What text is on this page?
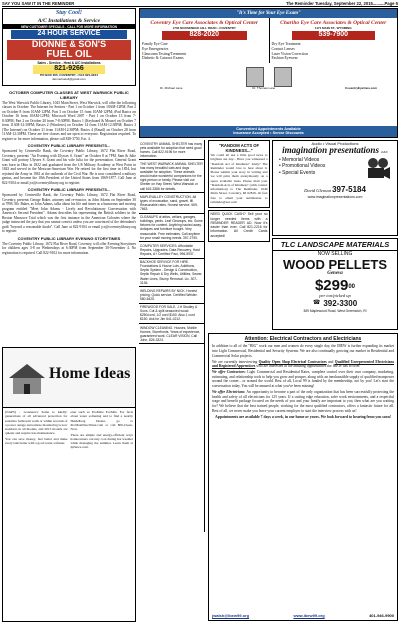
SAY YOU SAW IT IN THE REMINDER	The Reminder Tuesday, September 22, 2015..........Page 5
Stay Cool!
A/C Installations & Service
NEW CUSTOMER SPECIALS - CALL FOR MORE INFORMATION
24 HOUR SERVICE
DIONNE & SON'S
FUEL OIL
Sales - Service - Heat & A/C Installations
821-9266
PO BOX 365, COVENTRY • FAX 821-9164
dionnefueloil@gmail.com
OCTOBER COMPUTER CLASSES AT WEST WARWICK PUBLIC LIBRARY

The West Warwick Public Library, 1043 Main Street, West Warwick, will offer the following classes in October: The Internet for Seniors - Part 1 on October 1 from 10AM-12PM, Part 2 on October 8 from 10AM-12PM, Part 3 on October 15 from 10AM-12PM; iPad Basics on October 16 from 10AM-12PM; Microsoft Word 2007 - Part 1 on October 13 from 7-8:30PM; Part 2 on October 20 from 7-8:30PM; Basics 1 (Keyboard & Mouse) on October 7 from 11AM-12:30PM; Basics 2 (Windows) on October 14 from 11AM-12:30PM; Basics 3 (The Internet) on October 21 from 11AM-12:30PM; Basics 4 (Email) on October 28 from 11AM-12:30PM. These are free classes and are open to everyone. Registration required. To register or for more information, please call 828-3750, Ext. 4.

COVENTRY PUBLIC LIBRARY PRESENTS...

Sponsored by Centreville Bank, the Coventry Public Library, 1672 Flat River Road, Coventry, presents "An Evening with Ulysses S. Grant" on October 8 at 7PM. Sam & Julie Grant will portray Ulysses S. Grant and his wife Julia for the presentation. General Grant was born in Ohio in 1822 and graduated from the US Military Academy at West Point in 1843 and served in the Mexican-American War. He retired for the first time in 1854, but rejoined the Army in 1861 at the outbreak of the Civil War. He is now considered a military genius, and became the 18th President of the United States from 1869-1877. Call Jane at 822-9104 or email jcr@coventrylibrary.org to register.

COVENTRY PUBLIC LIBRARY PRESENTS...

Sponsored by Centreville Bank, the Coventry Public Library, 1672 Flat River Road, Coventry, presents George Baker, attorney and re-enactor, as John Adams on September 30 at 7PM. Mr. Baker, as John Adams, talks about his life and times as a humorous and moving program entitled "Meet John Adams - Lively and Revolutionary Conversation with America's Second President". Adams describes his representing the British soldiers in the Boston Massacre Trial which was the first instance in the American Colonies where the judge instructed the jury that you cannot convict unless you are convinced of the defendant's guilt "beyond a reasonable doubt". Call Jane at 822-9104 or email jcr@coventrylibrary.org to register.

COVENTRY PUBLIC LIBRARY EVENING STORYTIMES

The Coventry Public Library, 1672 Flat River Road, Coventry, will offer Evening Storytimes for children ages 3-8 on Wednesdays at 6:30PM from September 30-November 4. No registration is required. Call 822-9102 for more information.

Home Ideas

(NAPS) - Gonzeres's home is kindly: generations of all advanced protection for sensitive bathroom walls or within seconds of a power outage and remote monitoring is now standard on all models, and 2015 models are quieter and require less maintenance.

You can save money, feel better and make every task better with a good water softener.

ener such as ProMate EcoMix. For facts about water softening and to find a nearby Heidelberg Dealer, go to ProMateNewWater.com or call 800-Clean-Now.

There are simple and energy-efficient ways homeowners can stay cool during hot weather while managing the summer. Learn them at IpNews.com.

"It's Time for Your Eye Exam"
Coventry Eye Care Associates & Optical Center
1700 NOOSENECK HILL ROAD • COVENTRY
828-2020
Family Eye Care
Eye Emergencies
Glaucoma Testing/Treatment
Diabetic & Cataract Exams
Chariho Eye Care Associates & Optical Center
1171 MAIN ST., WYOMING
539-7900
Dry Eye Treatment
Contact Lenses
Laser Vision Correction
Fashion Eyewear
Dr. Michael Lane	Dr. Thomas Lane	CoventryEyeCare.com
Convenient Appointments Available
Insurance Accepted • Senior Discounts
COVENTRY ANIMAL SHELTER has many pets available for adoption that need good homes. Call 822-9196 for more information.
THE WEST WARWICK ANIMAL SHELTER has many beautiful cats and dogs available for adoption. These animals would make wonderful companions for the right person or family. Please visit our Shelter on Hay Street, West Warwick or call 615-3386 for details.
MAPLEVALLEY CONSTRUCTION. All types of excavation, sand, gravel, fill. Reasonable rates. Honest service. 569-7663.
CLEANUPS of attics, cellars, garages, buildings, yards. Leaf Cleanups, etc. Some fixtures for content. Anything hauled away. Antiques and furniture bought. Very reasonable. Free estimates. Call anytime for your small moving needs. 397-2790.
COMPUTER SERVICES: Affordable Repairs, Upgrades, Data Recovery, Hard Repairs, A+ Certified Paul, 996-5937.
BACKHOE SERVICE FOR HIRE. Foundations & House Lots, Additions, Septic System - Design & Construction, Septic Repair & Dry Wells, Utilities, Sewer, Water Lines, Stump Removal. Lic. 307-3136.
WELDING REPAIRS BY NICK. Honest pricing. Quick service. Certified Welder. 580-6425.
FIREWOOD FOR SALE, J.H Studley & Sons. Cut & split seasoned wood. $250/cord, 1/2 cord $150. Also 1 cord $150. Ask for Jim 641-0212.
WINDOW CLEANING. Houses, Mobile Homes, Storefronts. Years of experience, guaranteed work. CLEAR VISION. Call John, 826-3324.
"RANDOM ACTS OF KINDNESS..."

We could all use a little good news to brighten our day... Have you witnessed a "Random Act of Kindness" lately? The Reminder would love to hear about it. Please submit your story in writing and we will print them anonymously on a space available basis. Please mail your "Random Acts of Kindness" (with contact information) to The Reminder, 1049 Main Street, Coventry, RI 02816. Or feel free to email your submission to reminder@aol.com

NEED QUICK CASH? Sell your no longer needed items with a REMINDER READER AD. Now it's easier than ever. Call 821-2216 for information. All Credit Cards accepted!

Audio • Visual Productions
imagination presentations LLC
• Memorial Videos
• Promotional Videos
• Special Events
David Gleason 397-5184
www.imaginationpresentations.com
TLC LANDSCAPE MATERIALS
NOW SELLING
WOOD PELLETS
Geneva
$\$299^{00}$
per ton/picked up
☎ 392-3300
389 Maplewood Road, West Greenwich, RI
Attention: Electrical Contractors and Electricians

In addition to all of the "BIG" work our men and women do every single day, the IBEW is further expanding its market into Light Commercial, Residential and Security Systems. We are also continually growing our market in Residential and Commercial Solar projects.

We are currently interviewing Quality Open Shop Electrical Contractors and Qualified Unrepresented Electricians and Registered Apprentices who are interested in the amazing opportunities the IBEW has to offer.

We offer Contractors: Light Commercial and Residential Rates, complete control over their own company, marketing, estimating, and relationship tools to help you grow and prosper, along with an inexhaustible supply of qualified manpower around the corner…or around the world. Best of all, Local 99 is funded by the membership, not by you! Let's start the conversation today. You will be amazed at what you've been missing!

We offer Electricians: An opportunity to become a part of the only organization that has been successfully protecting the health and safety of all electricians for 125 years. If a cutting edge education, safer work environments, and a respectful wage and benefit package focused on the needs of you and your family are important to you, then what are you waiting for? We believe that the best trained people, working for the most qualified contractors, offers a fantastic future for all. Best of all, we never make you leave your current employer to start the interview process with us!

Appointments are available 7 days a week, in our home or yours. We look forward to hearing from you soon!

jwalsh@ibew99.org	www.ibew99.org	401-946-9900
